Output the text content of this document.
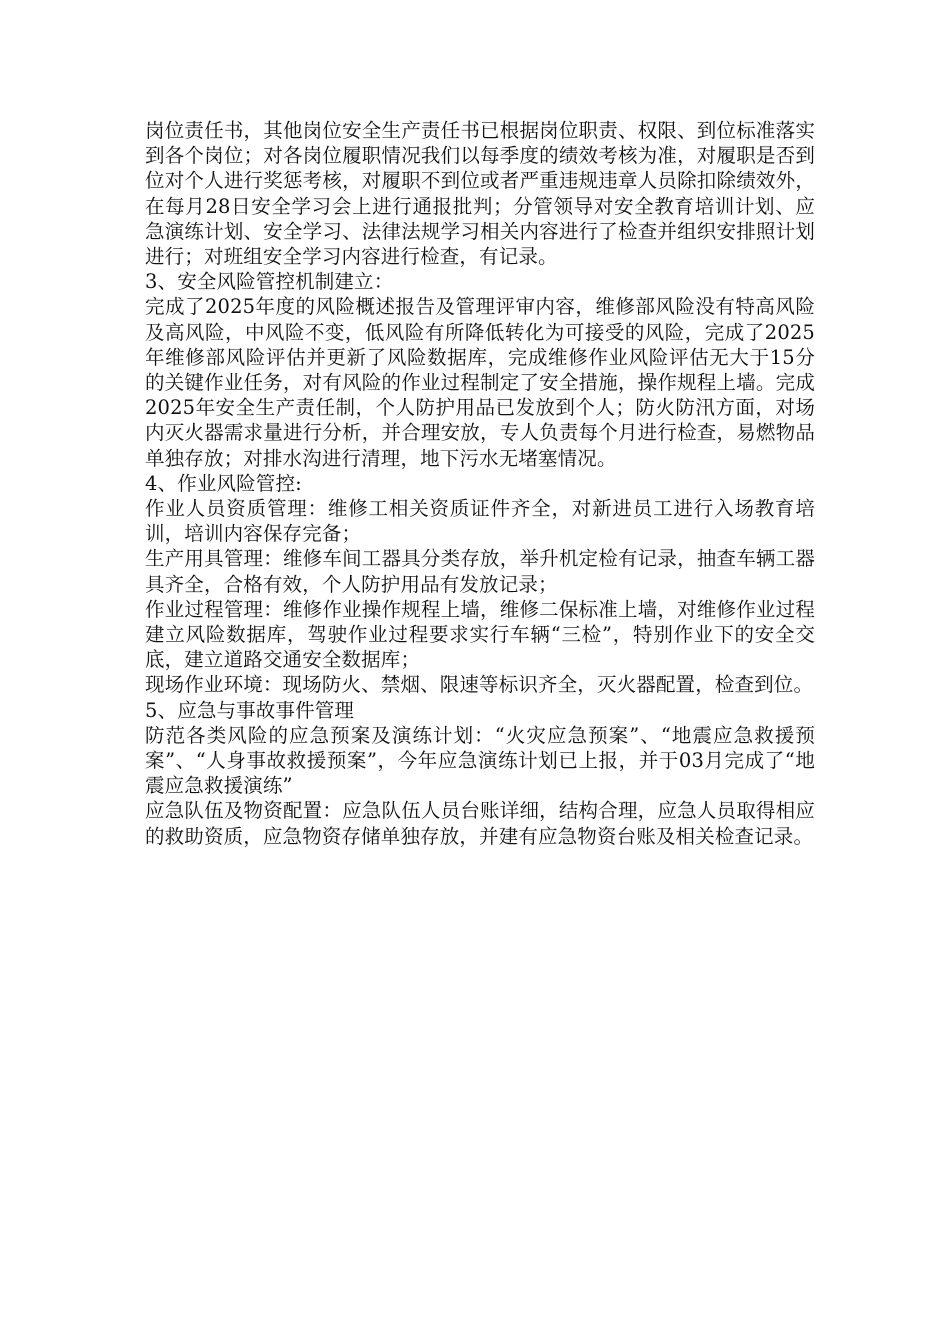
岗位责任书，其他岗位安全生产责任书已根据岗位职责、权限、到位标准落实到各个岗位；对各岗位履职情况我们以每季度的绩效考核为准，对履职是否到位对个人进行奖惩考核，对履职不到位或者严重违规违章人员除扣除绩效外，在每月28日安全学习会上进行通报批判；分管领导对安全教育培训计划、应急演练计划、安全学习、法律法规学习相关内容进行了检查并组织安排照计划进行；对班组安全学习内容进行检查，有记录。

3、安全风险管控机制建立：

完成了2025年度的风险概述报告及管理评审内容，维修部风险没有特高风险及高风险，中风险不变，低风险有所降低转化为可接受的风险，完成了2025年维修部风险评估并更新了风险数据库，完成维修作业风险评估无大于15分的关键作业任务，对有风险的作业过程制定了安全措施，操作规程上墙。完成2025年安全生产责任制，个人防护用品已发放到个人；防火防汛方面，对场内灭火器需求量进行分析，并合理安放，专人负责每个月进行检查，易燃物品单独存放；对排水沟进行清理，地下污水无堵塞情况。

4、作业风险管控:

作业人员资质管理：维修工相关资质证件齐全，对新进员工进行入场教育培训，培训内容保存完备；

生产用具管理：维修车间工器具分类存放，举升机定检有记录，抽查车辆工器具齐全，合格有效，个人防护用品有发放记录；

作业过程管理：维修作业操作规程上墙，维修二保标准上墙，对维修作业过程建立风险数据库，驾驶作业过程要求实行车辆“三检”，特别作业下的安全交底，建立道路交通安全数据库；

现场作业环境：现场防火、禁烟、限速等标识齐全，灭火器配置，检查到位。

5、应急与事故事件管理

防范各类风险的应急预案及演练计划：“火灾应急预案”、“地震应急救援预案”、“人身事故救援预案”，今年应急演练计划已上报，并于03月完成了“地震应急救援演练”

应急队伍及物资配置：应急队伍人员台账详细，结构合理，应急人员取得相应的救助资质，应急物资存储单独存放，并建有应急物资台账及相关检查记录。
